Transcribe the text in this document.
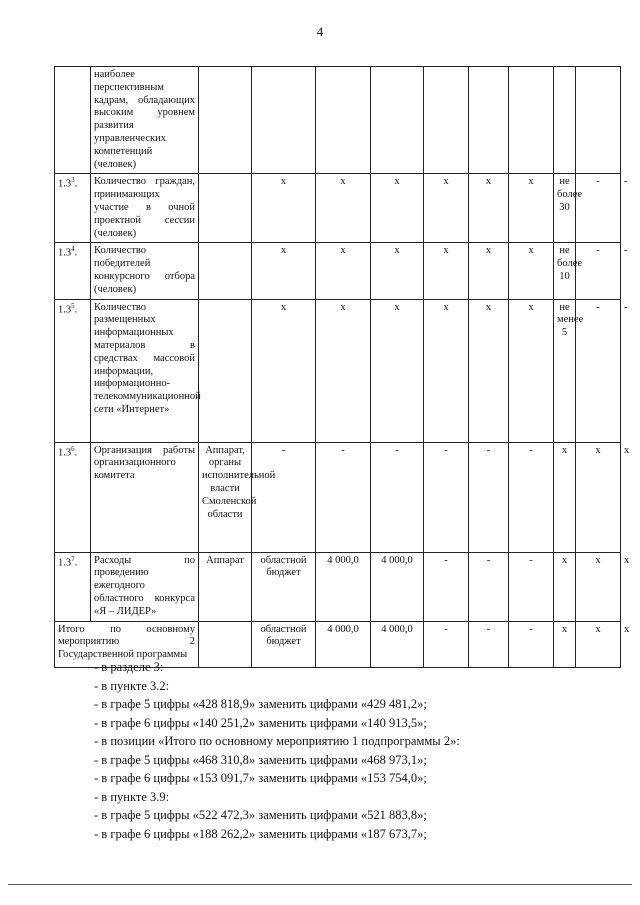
4
	наиболее перспективным кадрам, обладающих высоким уровнем развития управленческих компетенций (человек)										
$1.3^3$.	Количество граждан, принимающих участие в очной проектной сессии (человек)		x	x	x	x	x	x	не более 30	-	-
$1.3^4$.	Количество победителей конкурсного отбора (человек)		x	x	x	x	x	x	не более 10	-	-
$1.3^5$.	Количество размещенных информационных материалов в средствах массовой информации, информационно-телекоммуникационной сети «Интернет»		x	x	x	x	x	x	не менее 5	-	-
$1.3^6$.	Организация работы организационного комитета	Аппарат, органы исполнительной власти Смоленской области	-	-	-	-	-	-	x	x	x
$1.3^7$.	Расходы по проведению ежегодного областного конкурса «Я – ЛИДЕР»	Аппарат	областной бюджет	4 000,0	4 000,0	-	-	-	x	x	x
Итого по основному мероприятию 2 Государственной программы			областной бюджет	4 000,0	4 000,0	-	-	-	x	x	x
- в разделе 3:
- в пункте 3.2:
- в графе 5 цифры «428 818,9» заменить цифрами «429 481,2»;
- в графе 6 цифры «140 251,2» заменить цифрами «140 913,5»;
- в позиции «Итого по основному мероприятию 1 подпрограммы 2»:
- в графе 5 цифры «468 310,8» заменить цифрами «468 973,1»;
- в графе 6 цифры «153 091,7» заменить цифрами «153 754,0»;
- в пункте 3.9:
- в графе 5 цифры «522 472,3» заменить цифрами «521 883,8»;
- в графе 6 цифры «188 262,2» заменить цифрами «187 673,7»;
